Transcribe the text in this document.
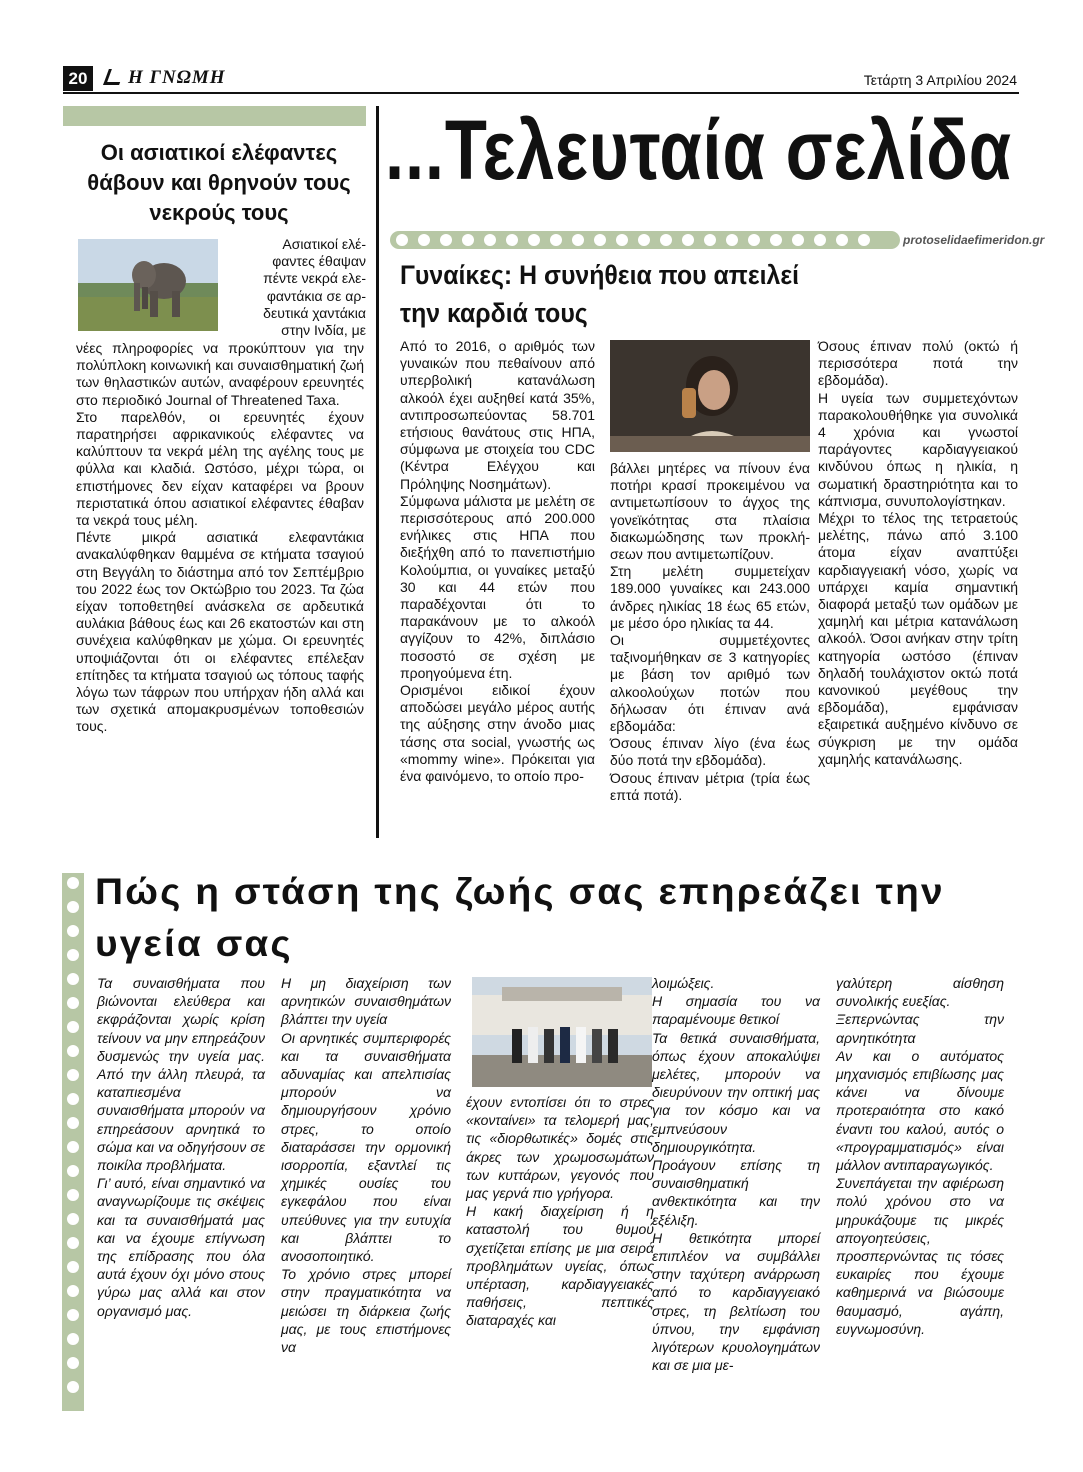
20	Η ΓΝΩΜΗ	Τετάρτη 3 Απριλίου 2024
...Τελευταία σελίδα
Οι ασιατικοί ελέφαντες θάβουν και θρηνούν τους νεκρούς τους

Ασιατικοί ελέ-

φαντες έθαψαν

πέντε νεκρά ελε-

φαντάκια σε αρ-

δευτικά χαντάκια

στην Ινδία, με

νέες πληροφορίες να προκύπτουν για την πολύπλοκη κοινωνική και συναισθηματική ζωή των θηλαστικών αυτών, αναφέρουν ερευνητές στο περιοδικό Journal of Threatened Taxa.

Στο παρελθόν, οι ερευνητές έχουν παρατηρήσει αφρικανικούς ελέφαντες να καλύπτουν τα νεκρά μέλη της αγέλης τους με φύλλα και κλαδιά. Ωστόσο, μέχρι τώρα, οι επιστήμονες δεν είχαν καταφέρει να βρουν περιστατικά όπου ασιατικοί ελέφαντες έθαβαν τα νεκρά τους μέλη.

Πέντε μικρά ασιατικά ελεφαντάκια ανακαλύφθηκαν θαμμένα σε κτήματα τσαγιού στη Βεγγάλη το διάστημα από τον Σεπτέμβριο του 2022 έως τον Οκτώβριο του 2023. Τα ζώα είχαν τοποθετηθεί ανάσκελα σε αρδευτικά αυλάκια βάθους έως και 26 εκατοστών και στη συνέχεια καλύφθηκαν με χώμα. Οι ερευνητές υποψιάζονται ότι οι ελέφαντες επέλεξαν επίτηδες τα κτήματα τσαγιού ως τόπους ταφής λόγω των τάφρων που υπήρχαν ήδη αλλά και των σχετικά απομακρυσμένων τοποθεσιών τους.

protoselidaefimeridon.gr
Γυναίκες: Η συνήθεια που απειλεί
την καρδιά τους

Από το 2016, ο αριθμός των γυναικών που πεθαίνουν από υπερβολική κατανάλωση αλκοόλ έχει αυξηθεί κατά 35%, αντιπροσωπεύοντας 58.701 ετήσιους θανάτους στις ΗΠΑ, σύμφωνα με στοιχεία του CDC (Κέντρα Ελέγχου και Πρόληψης Νοσημάτων).

Σύμφωνα μάλιστα με μελέτη σε περισσότερους από 200.000 ενήλικες στις ΗΠΑ που διεξήχθη από το πανεπιστήμιο Κολούμπια, οι γυναίκες μεταξύ 30 και 44 ετών που παραδέχονται ότι το παρακάνουν με το αλκοόλ αγγίζουν το 42%, διπλάσιο ποσοστό σε σχέση με προηγούμενα έτη.

Ορισμένοι ειδικοί έχουν αποδώσει μεγάλο μέρος αυτής της αύξησης στην άνοδο μιας τάσης στα social, γνωστής ως «mommy wine». Πρόκειται για ένα φαινόμενο, το οποίο προ-

βάλλει μητέρες να πίνουν ένα ποτήρι κρασί προκειμένου να αντιμετωπίσουν το άγχος της γονεϊκότητας στα πλαίσια διακωμώδησης των προκλή- σεων που αντιμετωπίζουν.

Στη μελέτη συμμετείχαν 189.000 γυναίκες και 243.000 άνδρες ηλικίας 18 έως 65 ετών, με μέσο όρο ηλικίας τα 44.

Οι συμμετέχοντες ταξινομήθηκαν σε 3 κατηγορίες με βάση τον αριθμό των αλκοολούχων ποτών που δήλωσαν ότι έπιναν ανά εβδομάδα:

Όσους έπιναν λίγο (ένα έως δύο ποτά την εβδομάδα).

Όσους έπιναν μέτρια (τρία έως επτά ποτά).

Όσους έπιναν πολύ (οκτώ ή περισσότερα ποτά την εβδομάδα).

Η υγεία των συμμετεχόντων παρακολουθήθηκε για συνολικά 4 χρόνια και γνωστοί παράγοντες καρδιαγγειακού κινδύνου όπως η ηλικία, η σωματική δραστηριότητα και το κάπνισμα, συνυπολογίστηκαν.

Μέχρι το τέλος της τετραετούς μελέτης, πάνω από 3.100 άτομα είχαν αναπτύξει καρδιαγγειακή νόσο, χωρίς να υπάρχει καμία σημαντική διαφορά μεταξύ των ομάδων με χαμηλή και μέτρια κατανάλωση αλκοόλ. Όσοι ανήκαν στην τρίτη κατηγορία ωστόσο (έπιναν δηλαδή τουλάχιστον οκτώ ποτά κανονικού μεγέθους την εβδομάδα), εμφάνισαν εξαιρετικά αυξημένο κίνδυνο σε σύγκριση με την ομάδα χαμηλής κατανάλωσης.

Πώς η στάση της ζωής σας επηρεάζει την υγεία σας

Τα συναισθήματα που βιώνονται ελεύθερα και εκφράζονται χωρίς κρίση τείνουν να μην επηρεάζουν δυσμενώς την υγεία μας. Από την άλλη πλευρά, τα καταπιεσμένα συναισθήματα μπορούν να επηρεάσουν αρνητικά το σώμα και να οδηγήσουν σε ποικίλα προβλήματα.

Γι’ αυτό, είναι σημαντικό να αναγνωρίζουμε τις σκέψεις και τα συναισθήματά μας και να έχουμε επίγνωση της επίδρασης που όλα αυτά έχουν όχι μόνο στους γύρω μας αλλά και στον οργανισμό μας.

Η μη διαχείριση των αρνητικών συναισθημάτων βλάπτει την υγεία

Οι αρνητικές συμπεριφορές και τα συναισθήματα αδυναμίας και απελπισίας μπορούν να δημιουργήσουν χρόνιο στρες, το οποίο διαταράσσει την ορμονική ισορροπία, εξαντλεί τις χημικές ουσίες του εγκεφάλου που είναι υπεύθυνες για την ευτυχία και βλάπτει το ανοσοποιητικό.

Το χρόνιο στρες μπορεί στην πραγματικότητα να μειώσει τη διάρκεια ζωής μας, με τους επιστήμονες να

έχουν εντοπίσει ότι το στρες «κονταίνει» τα τελομερή μας, τις «διορθωτικές» δομές στις άκρες των χρωμοσωμάτων των κυττάρων, γεγονός που μας γερνά πιο γρήγορα.

Η κακή διαχείριση ή η καταστολή του θυμού σχετίζεται επίσης με μια σειρά προβλημάτων υγείας, όπως υπέρταση, καρδιαγγειακές παθήσεις, πεπτικές διαταραχές και

λοιμώξεις.

Η σημασία του να παραμένουμε θετικοί

Τα θετικά συναισθήματα, όπως έχουν αποκαλύψει μελέτες, μπορούν να διευρύνουν την οπτική μας για τον κόσμο και να εμπνεύσουν δημιουργικότητα. Προάγουν επίσης τη συναισθηματική ανθεκτικότητα και την εξέλιξη.

Η θετικότητα μπορεί επιπλέον να συμβάλλει στην ταχύτερη ανάρρωση από το καρδιαγγειακό στρες, τη βελτίωση του ύπνου, την εμφάνιση λιγότερων κρυολογημάτων και σε μια με-

γαλύτερη αίσθηση συνολικής ευεξίας.

Ξεπερνώντας την αρνητικότητα

Αν και ο αυτόματος μηχανισμός επιβίωσης μας κάνει να δίνουμε προτεραιότητα στο κακό έναντι του καλού, αυτός ο «προγραμματισμός» είναι μάλλον αντιπαραγωγικός.

Συνεπάγεται την αφιέρωση πολύ χρόνου στο να μηρυκάζουμε τις μικρές απογοητεύσεις, προσπερνώντας τις τόσες ευκαιρίες που έχουμε καθημερινά να βιώσουμε θαυμασμό, αγάπη, ευγνωμοσύνη.
